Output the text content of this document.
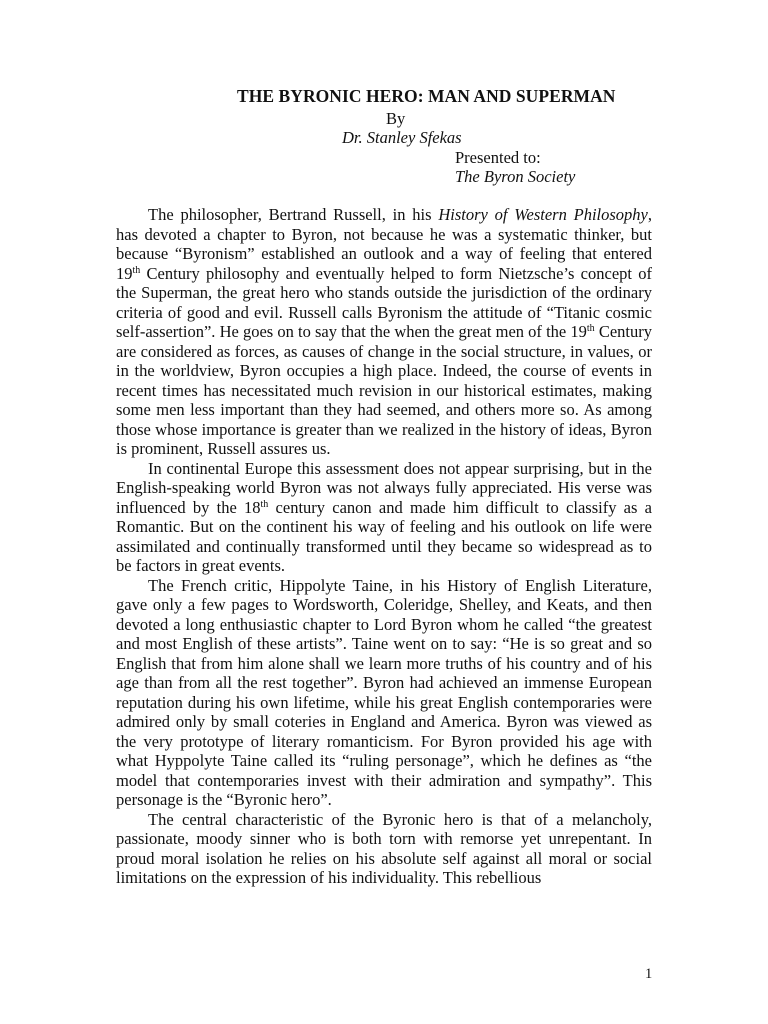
THE BYRONIC HERO: MAN AND SUPERMAN
By
Dr. Stanley Sfekas
Presented to:
The Byron Society

The philosopher, Bertrand Russell, in his History of Western Philosophy, has devoted a chapter to Byron, not because he was a systematic thinker, but because “Byronism” established an outlook and a way of feeling that entered 19th Century philosophy and eventually helped to form Nietzsche’s concept of the Superman, the great hero who stands outside the jurisdiction of the ordinary criteria of good and evil. Russell calls Byronism the attitude of “Titanic cosmic self-assertion”. He goes on to say that the when the great men of the 19th Century are considered as forces, as causes of change in the social structure, in values, or in the worldview, Byron occupies a high place. Indeed, the course of events in recent times has necessitated much revision in our historical estimates, making some men less important than they had seemed, and others more so. As among those whose importance is greater than we realized in the history of ideas, Byron is prominent, Russell assures us.

In continental Europe this assessment does not appear surprising, but in the English-speaking world Byron was not always fully appreciated. His verse was influenced by the 18th century canon and made him difficult to classify as a Romantic. But on the continent his way of feeling and his outlook on life were assimilated and continually transformed until they became so widespread as to be factors in great events.

The French critic, Hippolyte Taine, in his History of English Literature, gave only a few pages to Wordsworth, Coleridge, Shelley, and Keats, and then devoted a long enthusiastic chapter to Lord Byron whom he called “the greatest and most English of these artists”. Taine went on to say: “He is so great and so English that from him alone shall we learn more truths of his country and of his age than from all the rest together”. Byron had achieved an immense European reputation during his own lifetime, while his great English contemporaries were admired only by small coteries in England and America. Byron was viewed as the very prototype of literary romanticism. For Byron provided his age with what Hyppolyte Taine called its “ruling personage”, which he defines as “the model that contemporaries invest with their admiration and sympathy”. This personage is the “Byronic hero”.

The central characteristic of the Byronic hero is that of a melancholy, passionate, moody sinner who is both torn with remorse yet unrepentant. In proud moral isolation he relies on his absolute self against all moral or social limitations on the expression of his individuality. This rebellious

1
